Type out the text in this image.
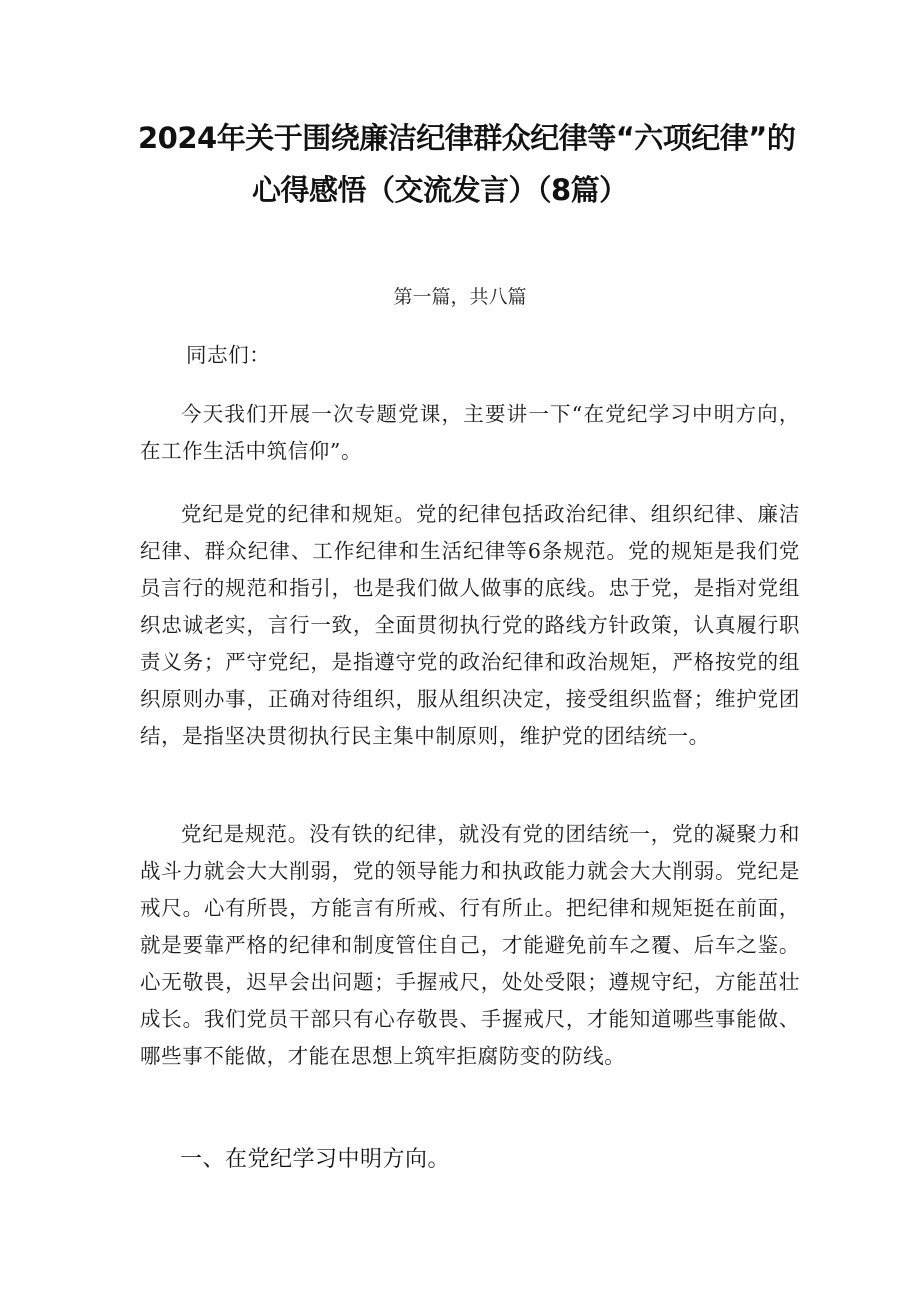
2024年关于围绕廉洁纪律群众纪律等“六项纪律”的
心得感悟（交流发言）（8篇）
第一篇，共八篇
同志们：

今天我们开展一次专题党课，主要讲一下“在党纪学习中明方向，在工作生活中筑信仰”。

党纪是党的纪律和规矩。党的纪律包括政治纪律、组织纪律、廉洁纪律、群众纪律、工作纪律和生活纪律等6条规范。党的规矩是我们党员言行的规范和指引，也是我们做人做事的底线。忠于党，是指对党组织忠诚老实，言行一致，全面贯彻执行党的路线方针政策，认真履行职责义务；严守党纪，是指遵守党的政治纪律和政治规矩，严格按党的组织原则办事，正确对待组织，服从组织决定，接受组织监督；维护党团结，是指坚决贯彻执行民主集中制原则，维护党的团结统一。

党纪是规范。没有铁的纪律，就没有党的团结统一，党的凝聚力和战斗力就会大大削弱，党的领导能力和执政能力就会大大削弱。党纪是戒尺。心有所畏，方能言有所戒、行有所止。把纪律和规矩挺在前面，就是要靠严格的纪律和制度管住自己，才能避免前车之覆、后车之鉴。心无敬畏，迟早会出问题；手握戒尺，处处受限；遵规守纪，方能茁壮成长。我们党员干部只有心存敬畏、手握戒尺，才能知道哪些事能做、哪些事不能做，才能在思想上筑牢拒腐防变的防线。

一、在党纪学习中明方向。
